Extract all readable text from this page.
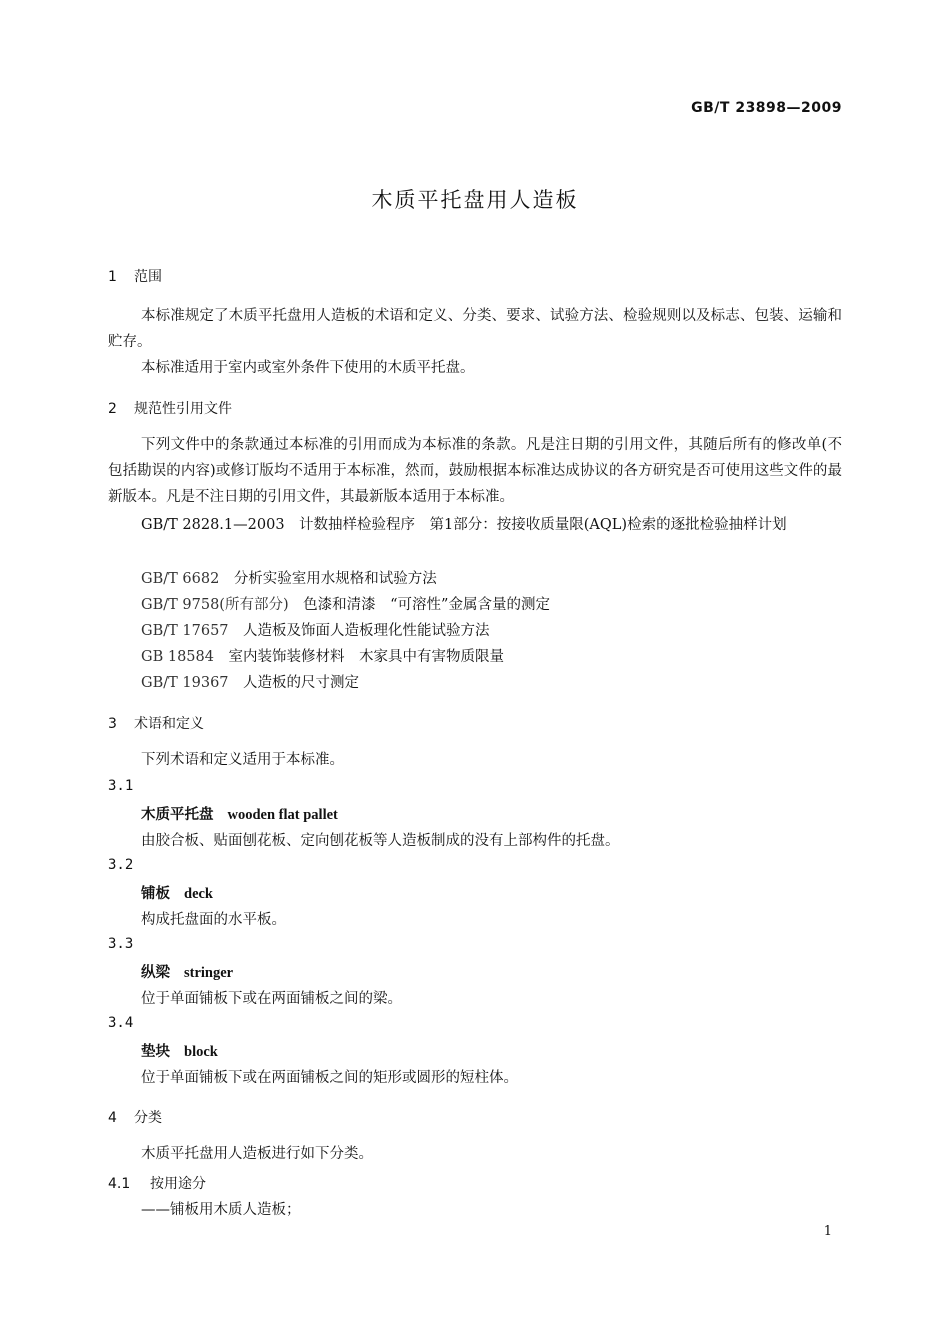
GB/T 23898—2009
木质平托盘用人造板
1 范围
本标准规定了木质平托盘用人造板的术语和定义、分类、要求、试验方法、检验规则以及标志、包装、运输和贮存。
本标准适用于室内或室外条件下使用的木质平托盘。
2 规范性引用文件
下列文件中的条款通过本标准的引用而成为本标准的条款。凡是注日期的引用文件，其随后所有的修改单(不包括勘误的内容)或修订版均不适用于本标准，然而，鼓励根据本标准达成协议的各方研究是否可使用这些文件的最新版本。凡是不注日期的引用文件，其最新版本适用于本标准。
GB/T 2828.1—2003　 计数抽样检验程序　第1部分：按接收质量限(AQL)检索的逐批检验抽样计划
GB/T 6682　 分析实验室用水规格和试验方法
GB/T 9758(所有部分)　 色漆和清漆　“可溶性”金属含量的测定
GB/T 17657　 人造板及饰面人造板理化性能试验方法
GB 18584　 室内装饰装修材料　木家具中有害物质限量
GB/T 19367　 人造板的尺寸测定
3 术语和定义
下列术语和定义适用于本标准。
3.1
木质平托盘 wooden flat pallet
由胶合板、贴面刨花板、定向刨花板等人造板制成的没有上部构件的托盘。
3.2
铺板 deck
构成托盘面的水平板。
3.3
纵梁 stringer
位于单面铺板下或在两面铺板之间的梁。
3.4
垫块 block
位于单面铺板下或在两面铺板之间的矩形或圆形的短柱体。
4 分类
木质平托盘用人造板进行如下分类。
4.1 按用途分
——铺板用木质人造板；
1
